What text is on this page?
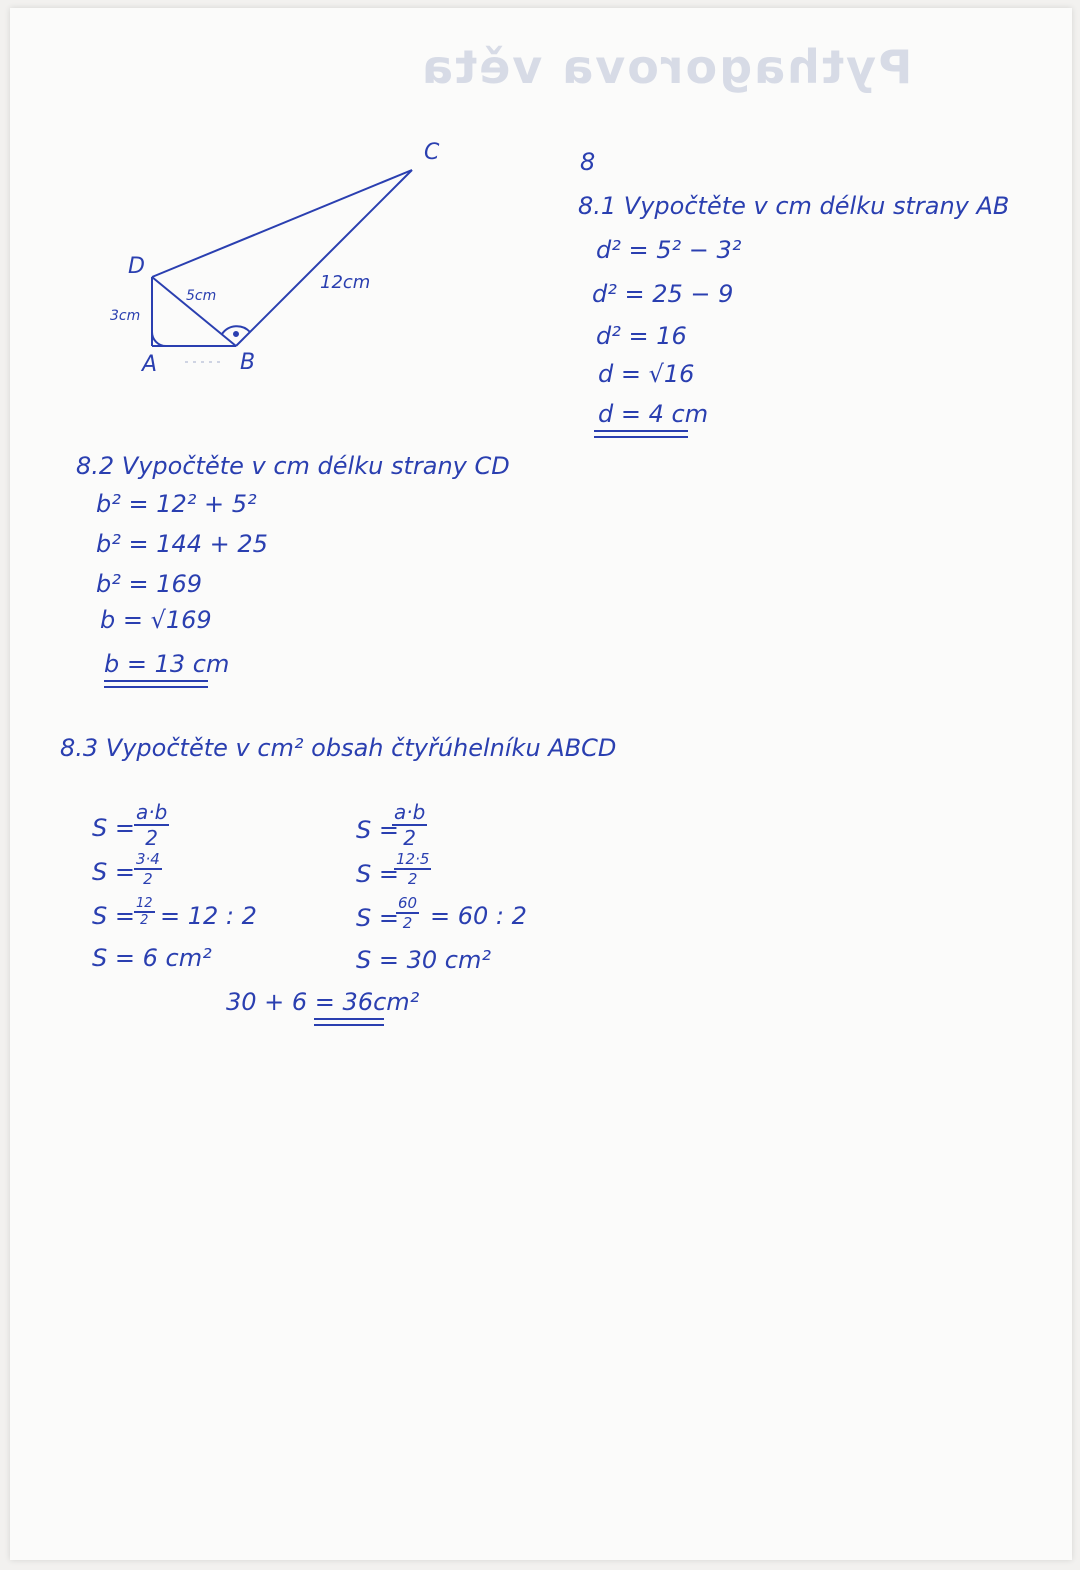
Pythagorova věta
A	B
C
D
3cm
5cm
12cm
8
8.1 Vypočtěte v cm délku strany AB
d² = 5² − 3²
d² = 25 − 9
d² = 16
d = √16
d = 4 cm
8.2 Vypočtěte v cm délku strany CD
b² = 12² + 5²
b² = 144 + 25
b² = 169
b = √169
b = 13 cm
8.3 Vypočtěte v cm² obsah čtyřúhelníku ABCD
$S = \frac{a\cdot b}{2}$
$S = \frac{3\cdot 4}{2}$
$S = \frac{12}{2} = 12$ : 2
S = 6 cm²
S =
$\frac{a\cdot b}{2}$
S =
$\frac{12\cdot 5}{2}$
S =
$\frac{60}{2} = 60$ : 2
S = 30 cm²
30 + 6 = 36cm²
